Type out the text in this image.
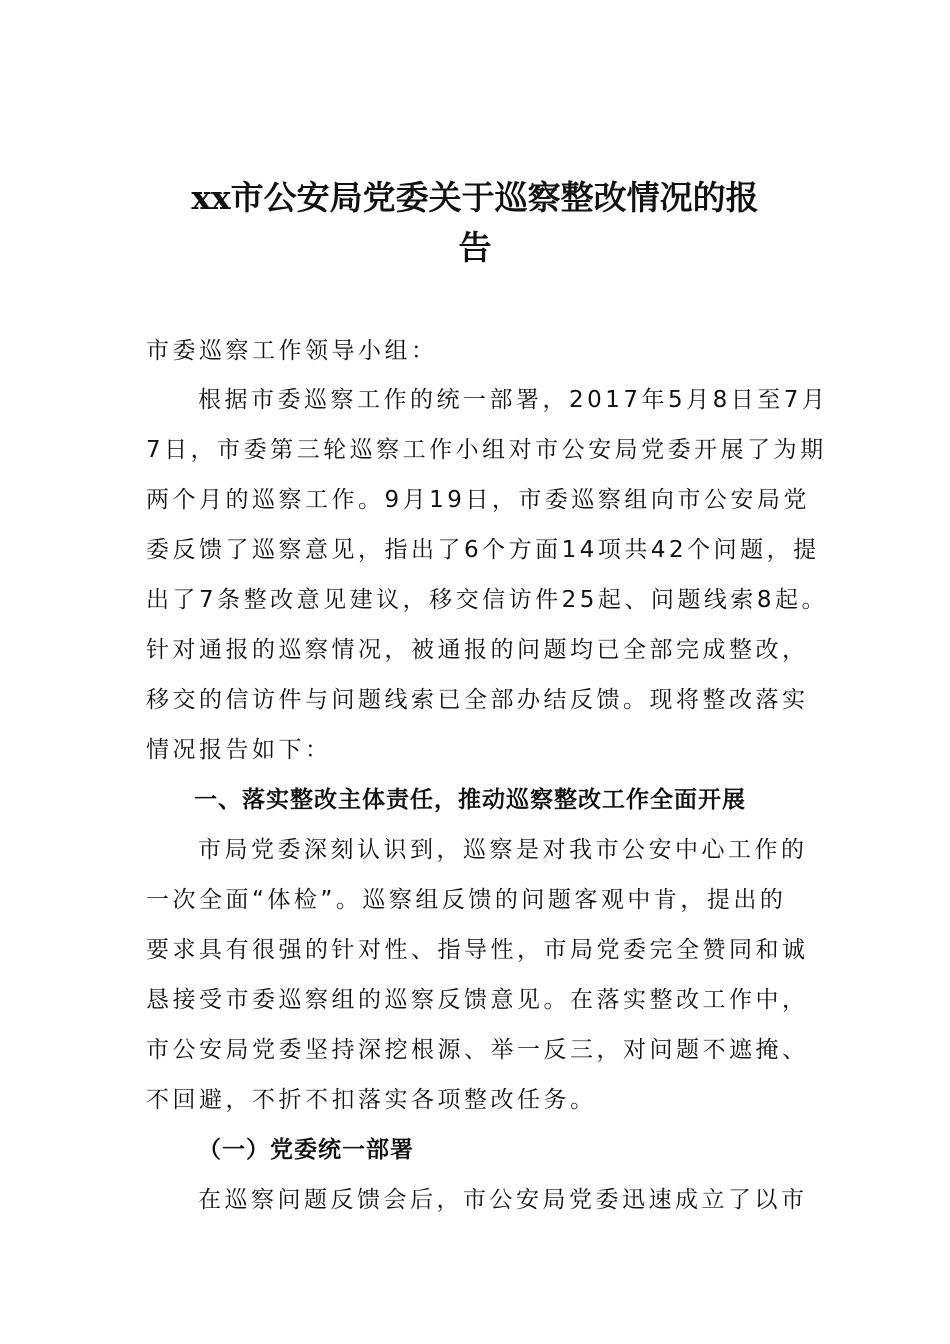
xx市公安局党委关于巡察整改情况的报
告

市委巡察工作领导小组：

根据市委巡察工作的统一部署，2017年5月8日至7月

7日，市委第三轮巡察工作小组对市公安局党委开展了为期

两个月的巡察工作。9月19日，市委巡察组向市公安局党

委反馈了巡察意见，指出了6个方面14项共42个问题，提

出了7条整改意见建议，移交信访件25起、问题线索8起。

针对通报的巡察情况，被通报的问题均已全部完成整改，

移交的信访件与问题线索已全部办结反馈。现将整改落实

情况报告如下：

一、落实整改主体责任，推动巡察整改工作全面开展

市局党委深刻认识到，巡察是对我市公安中心工作的

一次全面“体检”。巡察组反馈的问题客观中肯，提出的

要求具有很强的针对性、指导性，市局党委完全赞同和诚

恳接受市委巡察组的巡察反馈意见。在落实整改工作中，

市公安局党委坚持深挖根源、举一反三，对问题不遮掩、

不回避，不折不扣落实各项整改任务。

（一）党委统一部署

在巡察问题反馈会后，市公安局党委迅速成立了以市
